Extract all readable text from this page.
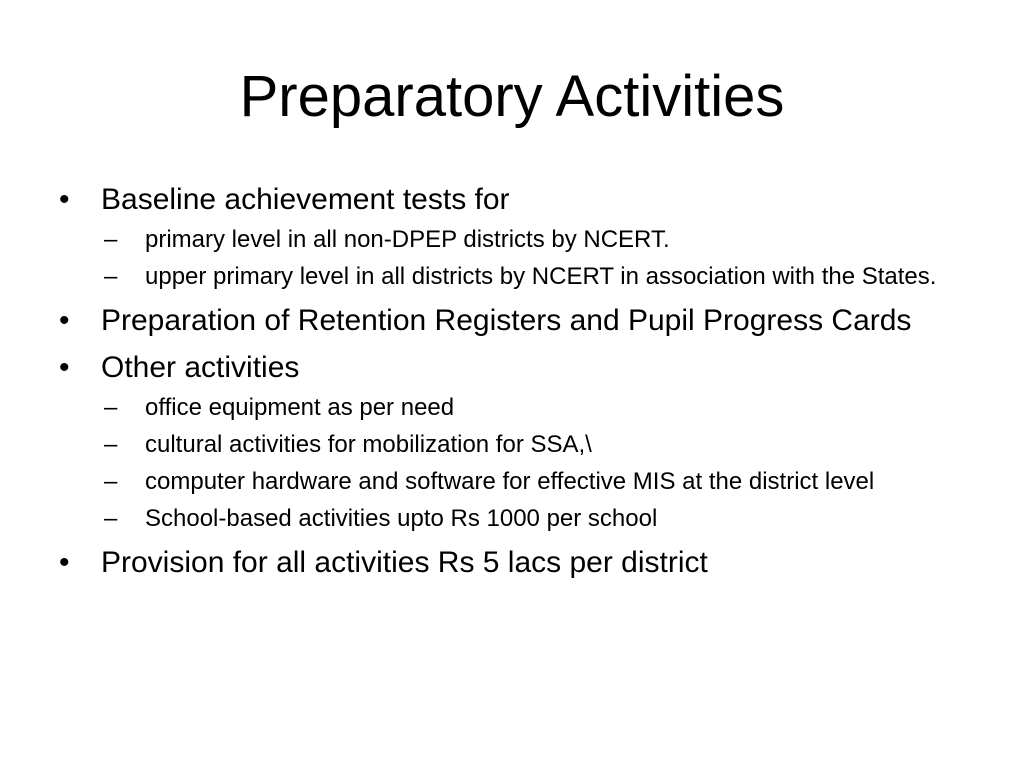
Preparatory Activities
•	Baseline achievement tests for
–	primary level in all non-DPEP districts by NCERT.
–	upper primary level in all districts by NCERT in association with the States.
•	Preparation of Retention Registers and Pupil Progress Cards
•	Other activities
–	office equipment as per need
–	cultural activities for mobilization for SSA,\
–	computer hardware and software for effective MIS at the district level
–	School-based activities upto Rs 1000 per school
•	Provision for all activities Rs 5 lacs per district
